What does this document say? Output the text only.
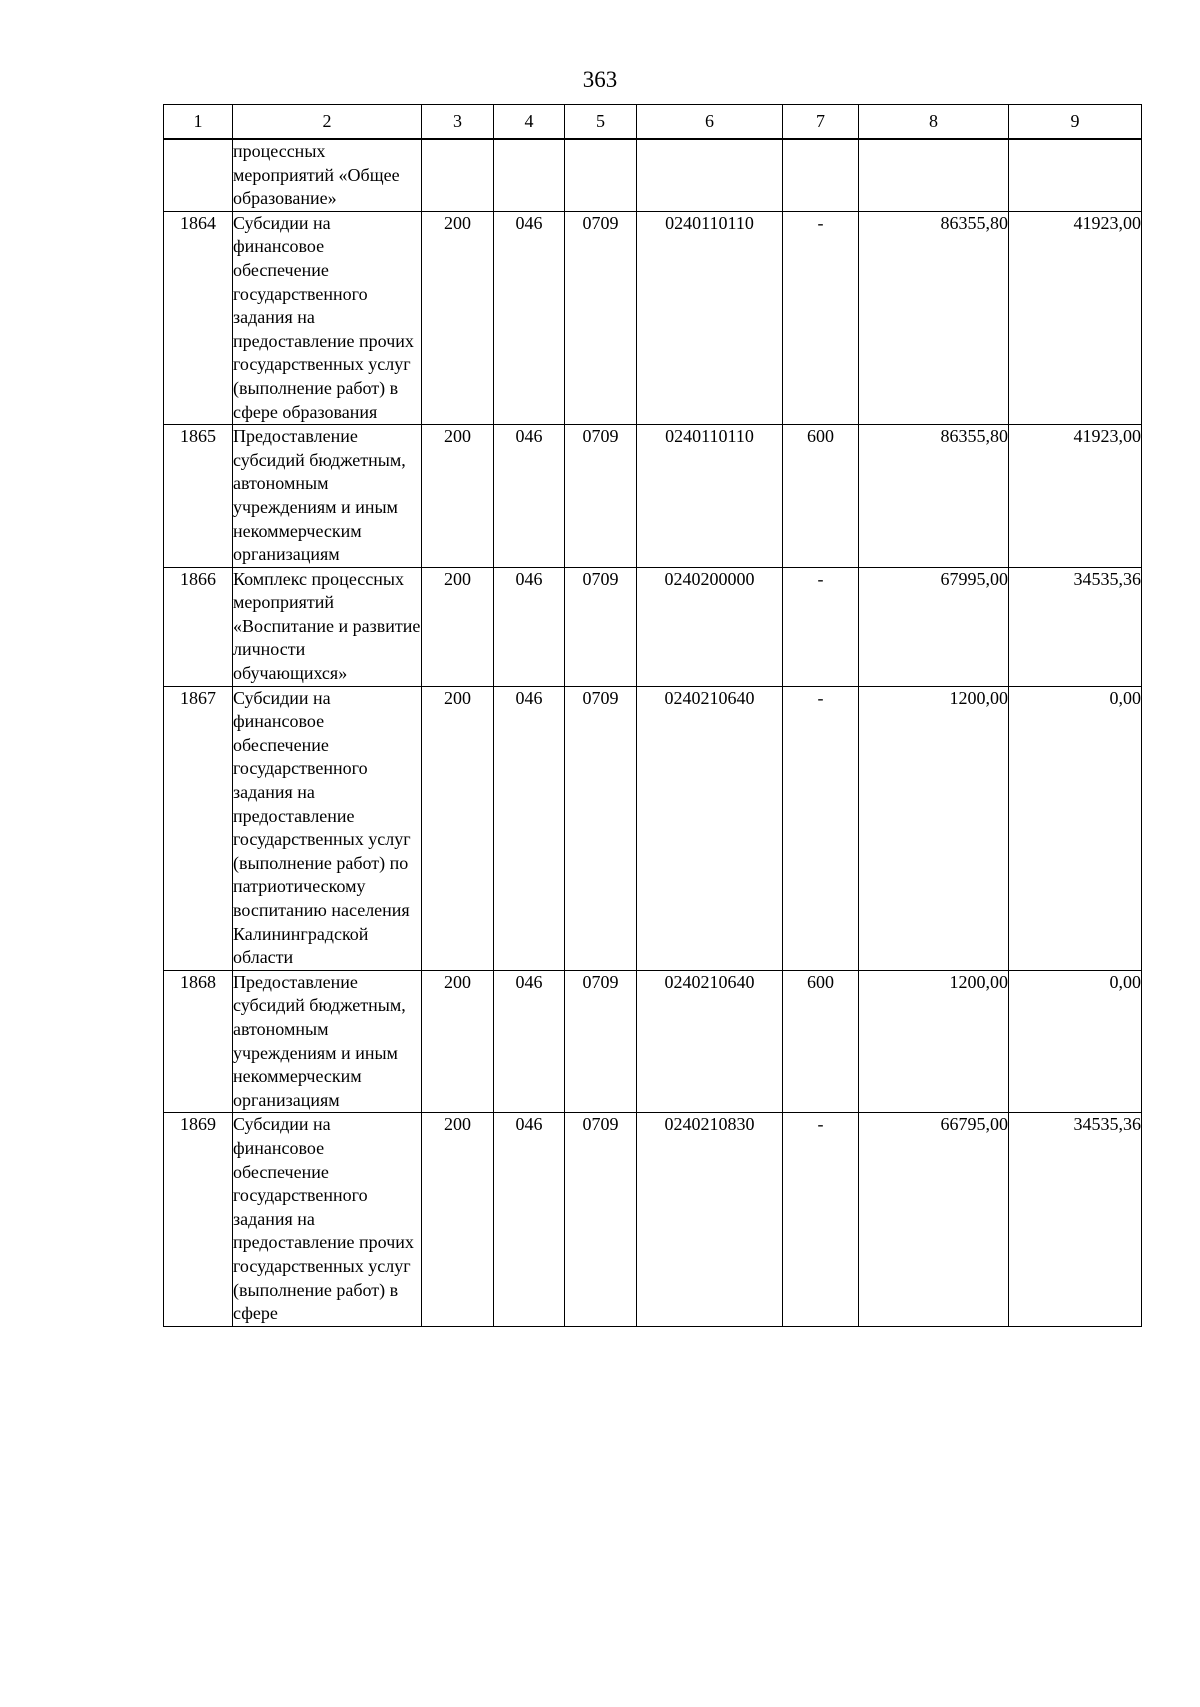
363
1	2	3	4	5	6	7	8	9
	процессных мероприятий «Общее образование»							
1864	Субсидии на финансовое обеспечение государственного задания на предоставление прочих государственных услуг (выполнение работ) в сфере образования	200	046	0709	0240110110	-	86355,80	41923,00
1865	Предоставление субсидий бюджетным, автономным учреждениям и иным некоммерческим организациям	200	046	0709	0240110110	600	86355,80	41923,00
1866	Комплекс процессных мероприятий «Воспитание и развитие личности обучающихся»	200	046	0709	0240200000	-	67995,00	34535,36
1867	Субсидии на финансовое обеспечение государственного задания на предоставление государственных услуг (выполнение работ) по патриотическому воспитанию населения Калининградской области	200	046	0709	0240210640	-	1200,00	0,00
1868	Предоставление субсидий бюджетным, автономным учреждениям и иным некоммерческим организациям	200	046	0709	0240210640	600	1200,00	0,00
1869	Субсидии на финансовое обеспечение государственного задания на предоставление прочих государственных услуг (выполнение работ) в сфере	200	046	0709	0240210830	-	66795,00	34535,36
